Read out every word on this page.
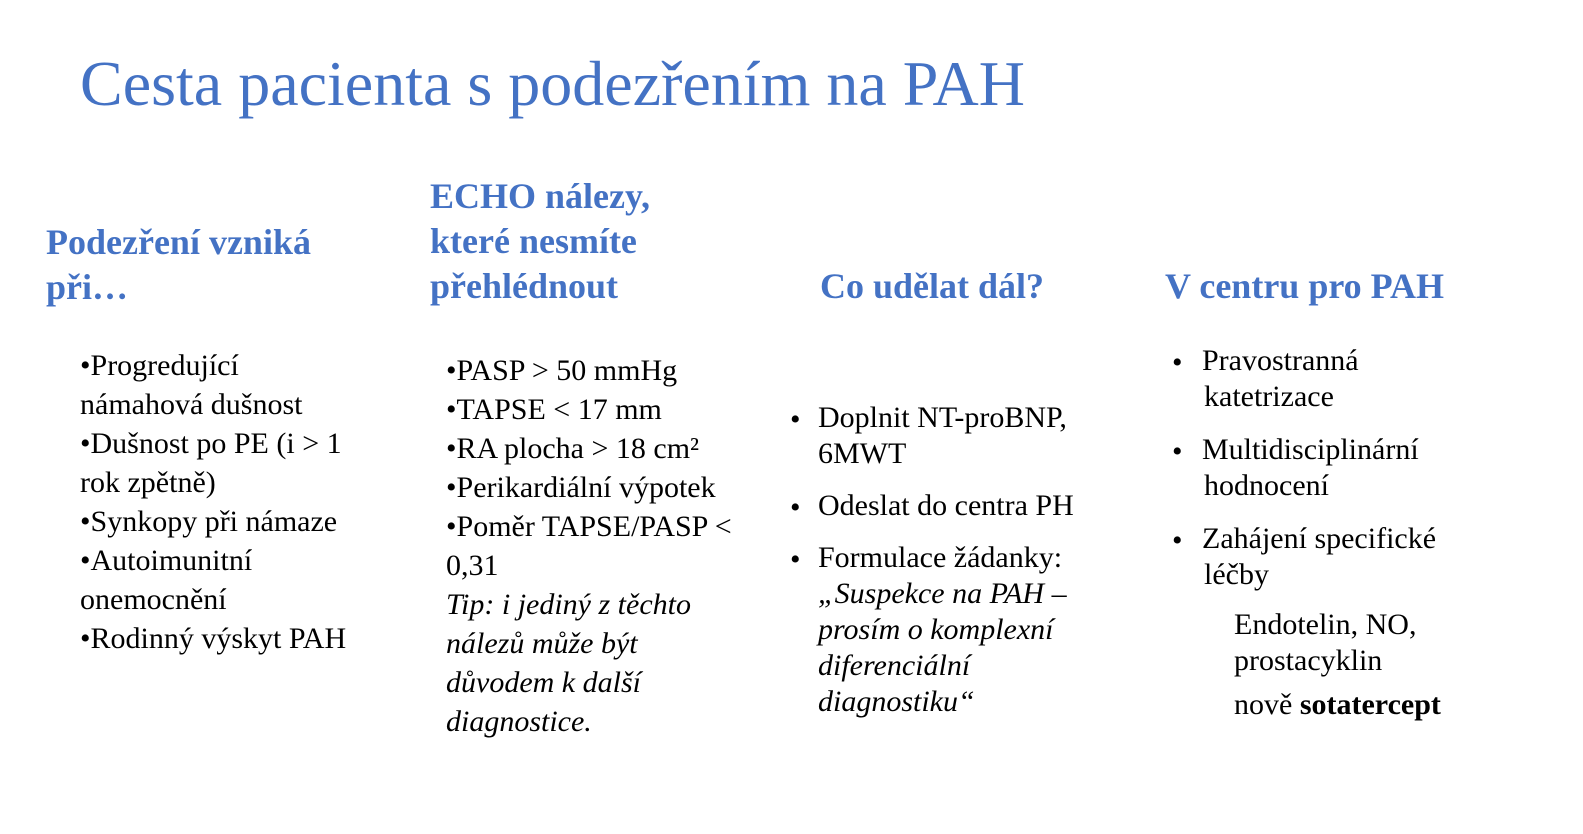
Cesta pacienta s podezřením na PAH
Podezření vzniká
při…
•Progredující
námahová dušnost
•Dušnost po PE (i > 1
rok zpětně)
•Synkopy při námaze
•Autoimunitní
onemocnění
•Rodinný výskyt PAH
ECHO nálezy,
které nesmíte
přehlédnout
•PASP > 50 mmHg
•TAPSE < 17 mm
•RA plocha > 18 cm²
•Perikardiální výpotek
•Poměr TAPSE/PASP <
0,31
Tip: i jediný z těchto
nálezů může být
důvodem k další
diagnostice.
Co udělat dál?
• Doplnit NT-proBNP,
6MWT
• Odeslat do centra PH
• Formulace žádanky:
„Suspekce na PAH –
prosím o komplexní
diferenciální
diagnostiku“
V centru pro PAH
• Pravostranná
katetrizace
• Multidisciplinární
hodnocení
• Zahájení specifické
léčby
Endotelin, NO,
prostacyklin
nově sotatercept
